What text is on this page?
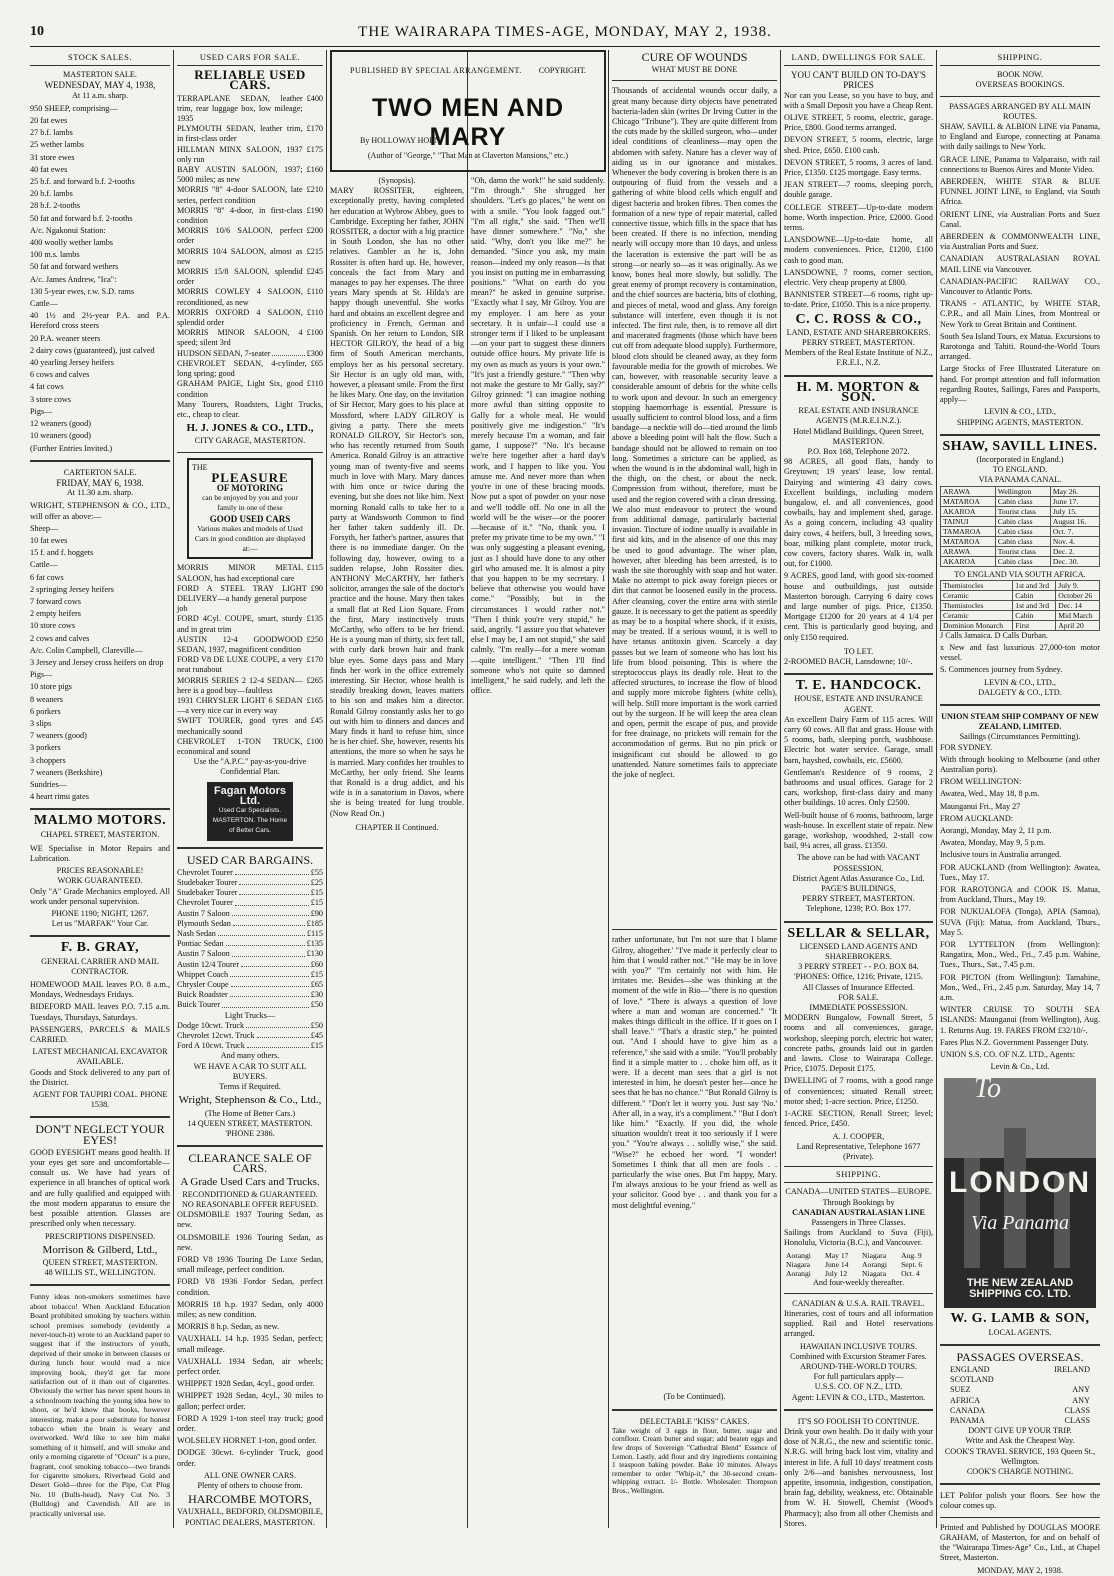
10	THE WAIRARAPA TIMES-AGE, MONDAY, MAY 2, 1938.
STOCK SALES.
MASTERTON SALE.
WEDNESDAY, MAY 4, 1938,
At 11 a.m. sharp.

950 SHEEP, comprising—

20 fat ewes

27 b.f. lambs

25 wether lambs

31 store ewes

40 fat ewes

25 b.f. and forward b.f. 2-tooths

20 b.f. lambs

28 b.f. 2-tooths

50 fat and forward b.f. 2-tooths

A/c. Ngakonui Station:

400 woolly wether lambs

100 m.s. lambs

50 fat and forward wethers

A/c. James Andrew, "Ica":

130 5-year ewes, r.w. S.D. rams

Cattle—

40 1½ and 2½-year P.A. and P.A. Hereford cross steers

20 P.A. weaner steers

2 dairy cows (guaranteed), just calved

40 yearling Jersey heifers

6 cows and calves

4 fat cows

3 store cows

Pigs—

12 weaners (good)

10 weaners (good)

(Further Entries Invited.)

CARTERTON SALE.
FRIDAY, MAY 6, 1938.
At 11.30 a.m. sharp.

WRIGHT, STEPHENSON & CO., LTD., will offer as above:—

Sheep—

10 fat ewes

15 f. and f. hoggets

Cattle—

6 fat cows

2 springing Jersey heifers

7 forward cows

2 empty heifers

10 store cows

2 cows and calves

A/c. Colin Campbell, Clareville—

3 Jersey and Jersey cross heifers on drop

Pigs—

10 store pigs

8 weaners

6 porkers

3 slips

7 weaners (good)

3 porkers

3 choppers

7 weaners (Berkshire)

Sundries—

4 heart rimu gates

MALMO MOTORS.
CHAPEL STREET, MASTERTON.

WE Specialise in Motor Repairs and Lubrication.

PRICES REASONABLE!
WORK GUARANTEED.

Only "A" Grade Mechanics employed. All work under personal supervision.

PHONE 1190; NIGHT, 1267.
Let us "MARFAK" Your Car.
F. B. GRAY,
GENERAL CARRIER AND MAIL CONTRACTOR.

HOMEWOOD MAIL leaves P.O. 8 a.m., Mondays, Wednesdays Fridays.

BIDEFORD MAIL leaves P.O. 7.15 a.m. Tuesdays, Thursdays, Saturdays.

PASSENGERS, PARCELS & MAILS CARRIED.

LATEST MECHANICAL EXCAVATOR AVAILABLE.

Goods and Stock delivered to any part of the District.

AGENT FOR TAUPIRI COAL. PHONE 1538.
DON'T NEGLECT YOUR EYES!

GOOD EYESIGHT means good health. If your eyes get sore and uncomfortable—consult us. We have had years of experience in all branches of optical work and are fully qualified and equipped with the most modern apparatus to ensure the best possible attention. Glasses are prescribed only when necessary.

PRESCRIPTIONS DISPENSED.
Morrison & Gilberd, Ltd.,
QUEEN STREET, MASTERTON.
48 WILLIS ST., WELLINGTON.

Funny ideas non-smokers sometimes have about tobacco! When Auckland Education Board prohibited smoking by teachers within school premises somebody (evidently a never-touch-it) wrote to an Auckland paper to suggest that if the instructors of youth, deprived of their smoke in between classes or during lunch hour would read a nice improving book, they'd get far more satisfaction out of it than out of cigarettes. Obviously the writer has never spent hours in a schoolroom teaching the young idea how to shoot, or he'd know that books, however interesting, make a poor substitute for honest tobacco when the brain is weary and overworked. We'd like to see him make something of it himself, and will smoke and only a morning cigarette of "Ocean" is a pure, fragrant, cool smoking tobacco—two brands for cigarette smokers, Riverhead Gold and Desert Gold—three for the Pipe, Cut Plug No. 10 (Bulls-head), Navy Cut No. 3 (Bulldog) and Cavendish. All are in practically universal use.

USED CARS FOR SALE.
RELIABLE USED CARS.
TERRAPLANE SEDAN, leather trim, rear luggage box, low mileage; 1935
£400
PLYMOUTH SEDAN, leather trim, in first-class order
£170
HILLMAN MINX SALOON, 1937 only run
£175
BABY AUSTIN SALOON, 1937; 5000 miles; as new
£160
MORRIS "8" 4-door SALOON, late series, perfect condition
£210
MORRIS "8" 4-door, in first-class condition
£190
MORRIS 10/6 SALOON, perfect order
£200
MORRIS 10/4 SALOON, almost as new
£215
MORRIS 15/8 SALOON, splendid order
£245
MORRIS COWLEY 4 SALOON, reconditioned, as new
£110
MORRIS OXFORD 4 SALOON, splendid order
£110
MORRIS MINOR SALOON, 4 speed; silent 3rd
£100
HUDSON SEDAN, 7-seater	£300
CHEVROLET SEDAN, 4-cylinder, long spring; good
£65
GRAHAM PAIGE, Light Six, good condition
£110

Many Tourers, Roadsters, Light Trucks, etc., cheap to clear.

H. J. JONES & CO., LTD.,
CITY GARAGE, MASTERTON.
THE
PLEASURE
OF MOTORING
can be enjoyed by you and your family in one of these
GOOD USED CARS
Various makes and models of Used Cars in good condition are displayed at:—
MORRIS MINOR METAL SALOON, has had exceptional care
£115
FORD A STEEL TRAY LIGHT DELIVERY—a handy general purpose job
£90
FORD 4Cyl. COUPE, smart, sturdy and in great trim
£135
AUSTIN 12-4 GOODWOOD SEDAN, 1937, magnificent condition
£250
FORD V8 DE LUXE COUPE, a very neat runabout
£170
MORRIS SERIES 2 12-4 SEDAN—here is a good buy—faultless
£265
1931 CHRYSLER LIGHT 6 SEDAN—a very nice car in every way
£165
SWIFT TOURER, good tyres and mechanically sound
£45
CHEVROLET 1-TON TRUCK, economical and sound
£100
Use the "A.P.C." pay-as-you-drive Confidential Plan.
Fagan Motors Ltd.
Used Car Specialists. MASTERTON. The Home of Better Cars.
USED CAR BARGAINS.
Chevrolet Tourer	£55
Studebaker Tourer	£25
Studebaker Tourer	£15
Chevrolet Tourer	£15
Austin 7 Saloon	£90
Plymouth Sedan	£185
Nash Sedan	£115
Pontiac Sedan	£135
Austin 7 Saloon	£130
Austin 12/4 Tourer	£60
Whippet Coach	£15
Chrysler Coupe	£65
Buick Roadster	£30
Buick Tourer	£50
Light Trucks—
Dodge 10cwt. Truck	£50
Chevrolet 12cwt. Truck	£45
Ford A 10cwt. Truck	£15
And many others.
WE HAVE A CAR TO SUIT ALL BUYERS.
Terms if Required.
Wright, Stephenson & Co., Ltd.,
(The Home of Better Cars.)
14 QUEEN STREET, MASTERTON. 'PHONE 2386.
CLEARANCE SALE OF CARS.
A Grade Used Cars and Trucks.
RECONDITIONED & GUARANTEED.
NO REASONABLE OFFER REFUSED.

OLDSMOBILE 1937 Touring Sedan, as new.

OLDSMOBILE 1936 Touring Sedan, as new.

FORD V8 1936 Touring De Luxe Sedan, small mileage, perfect condition.

FORD V8 1936 Fordor Sedan, perfect condition.

MORRIS 18 h.p. 1937 Sedan, only 4000 miles; as new condition.

MORRIS 8 h.p. Sedan, as new.

VAUXHALL 14 h.p. 1935 Sedan, perfect; small mileage.

VAUXHALL 1934 Sedan, air wheels; perfect order.

WHIPPET 1928 Sedan, 4cyl., good order.

WHIPPET 1928 Sedan, 4cyl., 30 miles to gallon; perfect order.

FORD A 1929 1-ton steel tray truck; good order.

WOLSELEY HORNET 1-ton, good order.

DODGE 30cwt. 6-cylinder Truck, good order.

ALL ONE OWNER CARS.
Plenty of others to choose from.
HARCOMBE MOTORS,
VAUXHALL, BEDFORD, OLDSMOBILE, PONTIAC DEALERS, MASTERTON.
PUBLISHED BY SPECIAL ARRANGEMENT. COPYRIGHT.
TWO MEN AND MARY
By HOLLOWAY HORN.
(Author of "George," "That Man at Claverton Mansions," etc.)
(Synopsis).

MARY ROSSITER, eighteen, exceptionally pretty, having completed her education at Wybrow Abbey, goes to Cambridge. Excepting her father, JOHN ROSSITER, a doctor with a big practice in South London, she has no other relatives. Gambler as he is, John Rossiter is often hard up. He, however, conceals the fact from Mary and manages to pay her expenses. The three years Mary spends at St. Hilda's are happy though uneventful. She works hard and obtains an excellent degree and proficiency in French, German and Spanish. On her return to London, SIR HECTOR GILROY, the head of a big firm of South American merchants, employs her as his personal secretary. Sir Hector is an ugly old man, with, however, a pleasant smile. From the first he likes Mary. One day, on the invitation of Sir Hector, Mary goes to his place at Mossford, where LADY GILROY is giving a party. There she meets RONALD GILROY, Sir Hector's son, who has recently returned from South America. Ronald Gilroy is an attractive young man of twenty-five and seems much in love with Mary. Mary dances with him once or twice during the evening, but she does not like him. Next morning Ronald calls to take her to a party at Wandsworth Common to find her father taken suddenly ill. Dr. Forsyth, her father's partner, assures that there is no immediate danger. On the following day, however, owing to a sudden relapse, John Rossiter dies. ANTHONY McCARTHY, her father's solicitor, arranges the sale of the doctor's practice and the house. Mary then takes a small flat at Red Lion Square. From the first, Mary instinctively trusts McCarthy, who offers to be her friend. He is a young man of thirty, six feet tall, with curly dark brown hair and frank blue eyes. Some days pass and Mary finds her work in the office extremely interesting. Sir Hector, whose health is steadily breaking down, leaves matters to his son and makes him a director. Ronald Gilroy constantly asks her to go out with him to dinners and dances and Mary finds it hard to refuse him, since he is her chief. She, however, resents his attentions, the more so when he says he is married. Mary confides her troubles to McCarthy, her only friend. She learns that Ronald is a drug addict, and his wife is in a sanatorium in Davos, where she is being treated for lung trouble. (Now Read On.)

CHAPTER II Continued.

"Oh, damn the work!" he said suddenly. "I'm through." She shrugged her shoulders. "Let's go places," he went on with a smile. "You look fagged out." "I'm all right," she said. "Then we'll have dinner somewhere." "No," she said. "Why, don't you like me?" he demanded. "Since you ask, my main reason—indeed my only reason—is that you insist on putting me in embarrassing positions." "What on earth do you mean?" he asked in genuine surprise. "Exactly what I say, Mr Gilroy. You are my employer. I am here as your secretary. It is unfair—I could use a stronger term if I liked to be unpleasant—on your part to suggest these dinners outside office hours. My private life is my own as much as yours is your own." "It's just a friendly gesture." "Then why not make the gesture to Mr Gally, say?" Gilroy grinned: "I can imagine nothing more awful than sitting opposite to Gally for a whole meal. He would positively give me indigestion." "It's merely because I'm a woman, and fair game, I suppose?" "No. It's because we're here together after a hard day's work, and I happen to like you. You amuse me. And never more than when you're in one of these bracing moods. Now put a spot of powder on your nose and we'll toddle off. No one in all the world will be the wiser—or the poorer—because of it." "No, thank you. I prefer my private time to be my own." "I was only suggesting a pleasant evening, just as I should have done to any other girl who amused me. It is almost a pity that you happen to be my secretary. I believe that otherwise you would have come." "Possibly, but in the circumstances I would rather not." "Then I think you're very stupid," he said, angrily. "I assure you that whatever else I may be, I am not stupid," she said calmly. "I'm really—for a mere woman—quite intelligent." "Then I'll find someone who's not quite so damned intelligent," he said rudely, and left the office.

CURE OF WOUNDS
WHAT MUST BE DONE

Thousands of accidental wounds occur daily, a great many because dirty objects have penetrated bacteria-laden skin (writes Dr Irving Cutter in the Chicago "Tribune"). They are quite different from the cuts made by the skilled surgeon, who—under ideal conditions of cleanliness—may open the abdomen with safety. Nature has a clever way of aiding us in our ignorance and mistakes. Whenever the body covering is broken there is an outpouring of fluid from the vessels and a gathering of white blood cells which engulf and digest bacteria and broken fibres. Then comes the formation of a new type of repair material, called connective tissue, which fills in the space that has been created. If there is no infection, mending nearly will occupy more than 10 days, and unless the laceration is extensive the part will be as strong—or nearly so—as it was originally. As we know, bones heal more slowly, but solidly. The great enemy of prompt recovery is contamination, and the chief sources are bacteria, bits of clothing, and pieces of metal, wood and glass. Any foreign substance will interfere, even though it is not infected. The first rule, then, is to remove all dirt and macerated fragments (those which have been cut off from adequate blood supply). Furthermore, blood clots should be cleaned away, as they form favourable media for the growth of microbes. We can, however, with reasonable security leave a considerable amount of debris for the white cells to work upon and devour. In such an emergency stopping haemorrhage is essential. Pressure is usually sufficient to control blood loss, and a firm bandage—a necktie will do—tied around the limb above a bleeding point will halt the flow. Such a bandage should not be allowed to remain on too long. Sometimes a stricture can be applied, as when the wound is in the abdominal wall, high in the thigh, on the chest, or about the neck. Compression from without, therefore, must be used and the region covered with a clean dressing. We also must endeavour to protect the wound from additional damage, particularly bacterial invasion. Tincture of iodine usually is available in first aid kits, and in the absence of one this may be used to good advantage. The wiser plan, however, after bleeding has been arrested, is to wash the site thoroughly with soap and hot water. Make no attempt to pick away foreign pieces or dirt that cannot be loosened easily in the process. After cleansing, cover the entire area with sterile gauze. It is necessary to get the patient as speedily as may be to a hospital where shock, if it exists, may be treated. If a serious wound, it is well to have tetanus antitoxin given. Scarcely a day passes but we learn of someone who has lost his life from blood poisoning. This is where the streptococcus plays its deadly role. Heat to the affected structures, to increase the flow of blood and supply more microbe fighters (white cells), will help. Still more important is the work carried out by the surgeon. If he will keep the area clean and open, permit the escape of pus, and provide for free drainage, no prickets will remain for the accommodation of germs. But no pin prick or insignificant cut should be allowed to go unattended. Nature sometimes fails to appreciate the joke of neglect.

rather unfortunate, but I'm not sure that I blame Gilroy, altogether.' "I've made it perfectly clear to him that I would rather not." "He may be in love with you?" "I'm certainly not with him. He irritates me. Besides—she was thinking at the moment of the wife in Rio—"there is no question of love." "There is always a question of love where a man and woman are concerned." "It makes things difficult in the office. If it goes on I shall leave." "That's a drastic step," he pointed out. "And I should have to give him as a reference," she said with a smile. "You'll probably find it a simple matter to . . choke him off, as it were. If a decent man sees that a girl is not interested in him, he doesn't pester her—once he sees that he has no chance." "But Ronald Gilroy is different." "Don't let it worry you. Just say 'No.' After all, in a way, it's a compliment." "But I don't like him." "Exactly. If you did, the whole situation wouldn't treat it too seriously if I were you." "You're always . . solidly wise," she said. "Wise?" he echoed her word. "I wonder! Sometimes I think that all men are fools . . particularly the wise ones. But I'm happy, Mary. I'm always anxious to be your friend as well as your solicitor. Good bye . . and thank you for a most delightful evening."

(To be Continued).
DELECTABLE "KISS" CAKES.

Take weight of 3 eggs in flour, butter, sugar and cornflour. Cream butter and sugar; add beaten eggs and few drops of Sovereign "Cathedral Blend" Essence of Lemon. Lastly, add flour and dry ingredients containing 1 teaspoon baking powder. Bake 10 minutes. Always remember to order "Whip-it," the 30-second cream-whipping extract. 1/- Bottle. Wholesaler: Thompson Bros., Wellington.

LAND, DWELLINGS FOR SALE.
YOU CAN'T BUILD ON TO-DAY'S PRICES

Nor can you Lease, so you have to buy, and with a Small Deposit you have a Cheap Rent.

OLIVE STREET, 5 rooms, electric, garage. Price, £800. Good terms arranged.

DEVON STREET, 5 rooms, electric, large shed. Price, £650. £100 cash.

DEVON STREET, 5 rooms, 3 acres of land. Price, £1350. £125 mortgage. Easy terms.

JEAN STREET—7 rooms, sleeping porch, double garage.

COLLEGE STREET—Up-to-date modern home. Worth inspection. Price, £2000. Good terms.

LANSDOWNE—Up-to-date home, all modern conveniences. Price, £1200, £100 cash to good man.

LANSDOWNE, 7 rooms, corner section, electric. Very cheap property at £800.

BANNISTER STREET—6 rooms, right up-to-date. Price, £1050. This is a nice property.

C. C. ROSS & CO.,
LAND, ESTATE AND SHAREBROKERS.
PERRY STREET, MASTERTON.
Members of the Real Estate Institute of N.Z., F.R.E.I., N.Z.
H. M. MORTON & SON.
REAL ESTATE AND INSURANCE AGENTS (M.R.E.I.N.Z.).
Hotel Midland Buildings, Queen Street, MASTERTON.
P.O. Box 168, Telephone 2072.

98 ACRES, all good flats, handy to Greytown; 19 years' lease, low rental. Dairying and wintering 43 dairy cows. Excellent buildings, including modern bungalow, el. and all conveniences, good cowbails, hay and implement shed, garage. As a going concern, including 43 quality dairy cows, 4 heifers, bull, 3 breeding sows, boar, milking plant complete, motor truck, cow covers, factory shares. Walk in, walk out, for £1000.

9 ACRES, good land, with good six-roomed house and outbuildings, just outside Masterton borough. Carrying 6 dairy cows and large number of pigs. Price, £1350. Mortgage £1200 for 20 years at 4 1/4 per cent. This is particularly good buying, and only £150 required.

TO LET.

2-ROOMED BACH, Lansdowne; 10/-.

T. E. HANDCOCK.
HOUSE, ESTATE AND INSURANCE AGENT.

An excellent Dairy Farm of 115 acres. Will carry 60 cows. All flat and grass. House with 5 rooms, bath, sleeping porch, washhouse. Electric hot water service. Garage, small barn, hayshed, cowbails, etc. £5600.

Gentleman's Residence of 9 rooms, 2 bathrooms and usual offices. Garage for 2 cars, workshop, first-class dairy and many other buildings. 10 acres. Only £2500.

Well-built house of 6 rooms, bathroom, large wash-house. In excellent state of repair. New garage, workshop, woodshed, 2-stall cow bail, 9¼ acres, all grass. £1350.

The above can be had with VACANT POSSESSION.
District Agent Atlas Assurance Co., Ltd.
PAGE'S BUILDINGS,
PERRY STREET, MASTERTON.
Telephone, 1239; P.O. Box 177.
SELLAR & SELLAR,
LICENSED LAND AGENTS AND SHAREBROKERS.
3 PERRY STREET - - P.O. BOX 84. 'PHONES: Office, 1216; Private, 1215.
All Classes of Insurance Effected.
FOR SALE.
IMMEDIATE POSSESSION.

MODERN Bungalow, Fownall Street, 5 rooms and all conveniences, garage, workshop, sleeping porch, electric hot water, concrete paths, grounds laid out in garden and lawns. Close to Wairarapa College. Price, £1075. Deposit £175.

DWELLING of 7 rooms, with a good range of conveniences; situated Renall street; motor shed; 1-acre section. Price, £1250.

1-ACRE SECTION, Renall Street; level; fenced. Price, £450.

A. J. COOPER,
Land Representative, Telephone 1677 (Private).
SHIPPING.
CANADA—UNITED STATES—EUROPE.
Through Bookings by
CANADIAN AUSTRALASIAN LINE
Passengers in Three Classes.

Sailings from Auckland to Suva (Fiji), Honolulu, Victoria (B.C.), and Vancouver.

Aorangi	May 17	Niagara	Aug. 9
Niagara	June 14	Aorangi	Sept. 6
Aorangi	July 12	Niagara	Oct. 4
And four-weekly thereafter.
CANADIAN & U.S.A. RAIL TRAVEL.

Itineraries, cost of tours and all information supplied. Rail and Hotel reservations arranged.

HAWAIIAN INCLUSIVE TOURS.
Combined with Excursion Steamer Fares.
AROUND-THE-WORLD TOURS.
For full particulars apply—
U.S.S. CO. OF N.Z., LTD.
Agent: LEVIN & CO., LTD., Masterton.
IT'S SO FOOLISH TO CONTINUE.

Drink your own health. Do it daily with your dose of N.R.G., the new and scientific tonic. N.R.G. will bring back lost vim, vitality and interest in life. A full 10 days' treatment costs only 2/6—and banishes nervousness, lost appetite, insomnia, indigestion, constipation, brain fag, debility, weakness, etc. Obtainable from W. H. Stowell, Chemist (Wood's Pharmacy); also from all other Chemists and Stores.

SHIPPING.
BOOK NOW.
OVERSEAS BOOKINGS.
PASSAGES ARRANGED BY ALL MAIN ROUTES.

SHAW, SAVILL & ALBION LINE via Panama, to England and Europe, connecting at Panama with daily sailings to New York.

GRACE LINE, Panama to Valparaiso, with rail connections to Buenos Aires and Monte Video.

ABERDEEN, WHITE STAR & BLUE FUNNEL JOINT LINE, to England, via South Africa.

ORIENT LINE, via Australian Ports and Suez Canal.

ABERDEEN & COMMONWEALTH LINE, via Australian Ports and Suez.

CANADIAN AUSTRALASIAN ROYAL MAIL LINE via Vancouver.

CANADIAN-PACIFIC RAILWAY CO., Vancouver to Atlantic Ports.

TRANS - ATLANTIC, by WHITE STAR, C.P.R., and all Main Lines, from Montreal or New York to Great Britain and Continent.

South Sea Island Tours, ex Matua. Excursions to Rarotonga and Tahiti. Round-the-World Tours arranged.

Large Stocks of Free Illustrated Literature on hand. For prompt attention and full information regarding Routes, Sailings, Fares and Passports, apply—

LEVIN & CO., LTD.,
SHIPPING AGENTS, MASTERTON.
SHAW, SAVILL LINES.
(Incorporated in England.)
TO ENGLAND.
VIA PANAMA CANAL.
ARAWA	Wellington	May 26.
MATAROA	Cabin class	June 17.
AKAROA	Tourist class	July 15.
TAINUI	Cabin class	August 16.
TAMAROA	Cabin class	Oct. 7.
MATAROA	Cabin class	Nov. 4.
ARAWA	Tourist class	Dec. 2.
AKAROA	Cabin class	Dec. 30.
TO ENGLAND VIA SOUTH AFRICA.
Themistocles	1st and 3rd	July 9.
Ceramic	Cabin	October 26
Themistocles	1st and 3rd	Dec. 14
Ceramic	Cabin	Mid March
Dominion Monarch	First	April 20

J Calls Jamaica. D Calls Durban.

x New and fast luxurious 27,000-ton motor vessel.

S. Commences journey from Sydney.

LEVIN & CO., LTD.,
DALGETY & CO., LTD.
UNION STEAM SHIP COMPANY OF NEW ZEALAND, LIMITED.
Sailings (Circumstances Permitting).

FOR SYDNEY.

With through booking to Melbourne (and other Australian ports).

FROM WELLINGTON:

Awatea, Wed., May 18, 8 p.m.

Maunganui Fri., May 27

FROM AUCKLAND:

Aorangi, Monday, May 2, 11 p.m.

Awatea, Monday, May 9, 5 p.m.

Inclusive tours in Australia arranged.

FOR AUCKLAND (from Wellington): Awatea, Tues., May 17.

FOR RAROTONGA and COOK IS. Matua, from Auckland, Thurs., May 19.

FOR NUKUALOFA (Tonga), APIA (Samoa), SUVA (Fiji): Matua, from Auckland, Thurs., May 5.

FOR LYTTELTON (from Wellington): Rangatira, Mon., Wed., Fri., 7.45 p.m. Wahine, Tues., Thurs., Sat., 7.45 p.m.

FOR PICTON (from Wellington): Tamahine, Mon., Wed., Fri., 2.45 p.m. Saturday, May 14, 7 a.m.

WINTER CRUISE TO SOUTH SEA ISLANDS: Maunganui (from Wellington), Aug. 1. Returns Aug. 19. FARES FROM £32/10/-.

Fares Plus N.Z. Government Passenger Duty.

UNION S.S. CO. OF N.Z. LTD., Agents:

Levin & Co., Ltd.
To
LONDON
Via Panama
THE NEW ZEALAND SHIPPING CO. LTD.
W. G. LAMB & SON,
LOCAL AGENTS.
PASSAGES OVERSEAS.
ENGLAND	IRELAND
SCOTLAND
SUEZ	ANY
AFRICA	ANY
CANADA	CLASS
PANAMA	CLASS
DON'T GIVE UP YOUR TRIP.
Write and Ask the Cheapest Way.
COOK'S TRAVEL SERVICE, 193 Queen St., Wellington.
COOK'S CHARGE NOTHING.

LET Polifor polish your floors. See how the colour comes up.

Printed and Published by DOUGLAS MOORE GRAHAM, of Masterton, for and on behalf of the "Wairarapa Times-Age" Co., Ltd., at Chapel Street, Masterton.

MONDAY, MAY 2, 1938.
